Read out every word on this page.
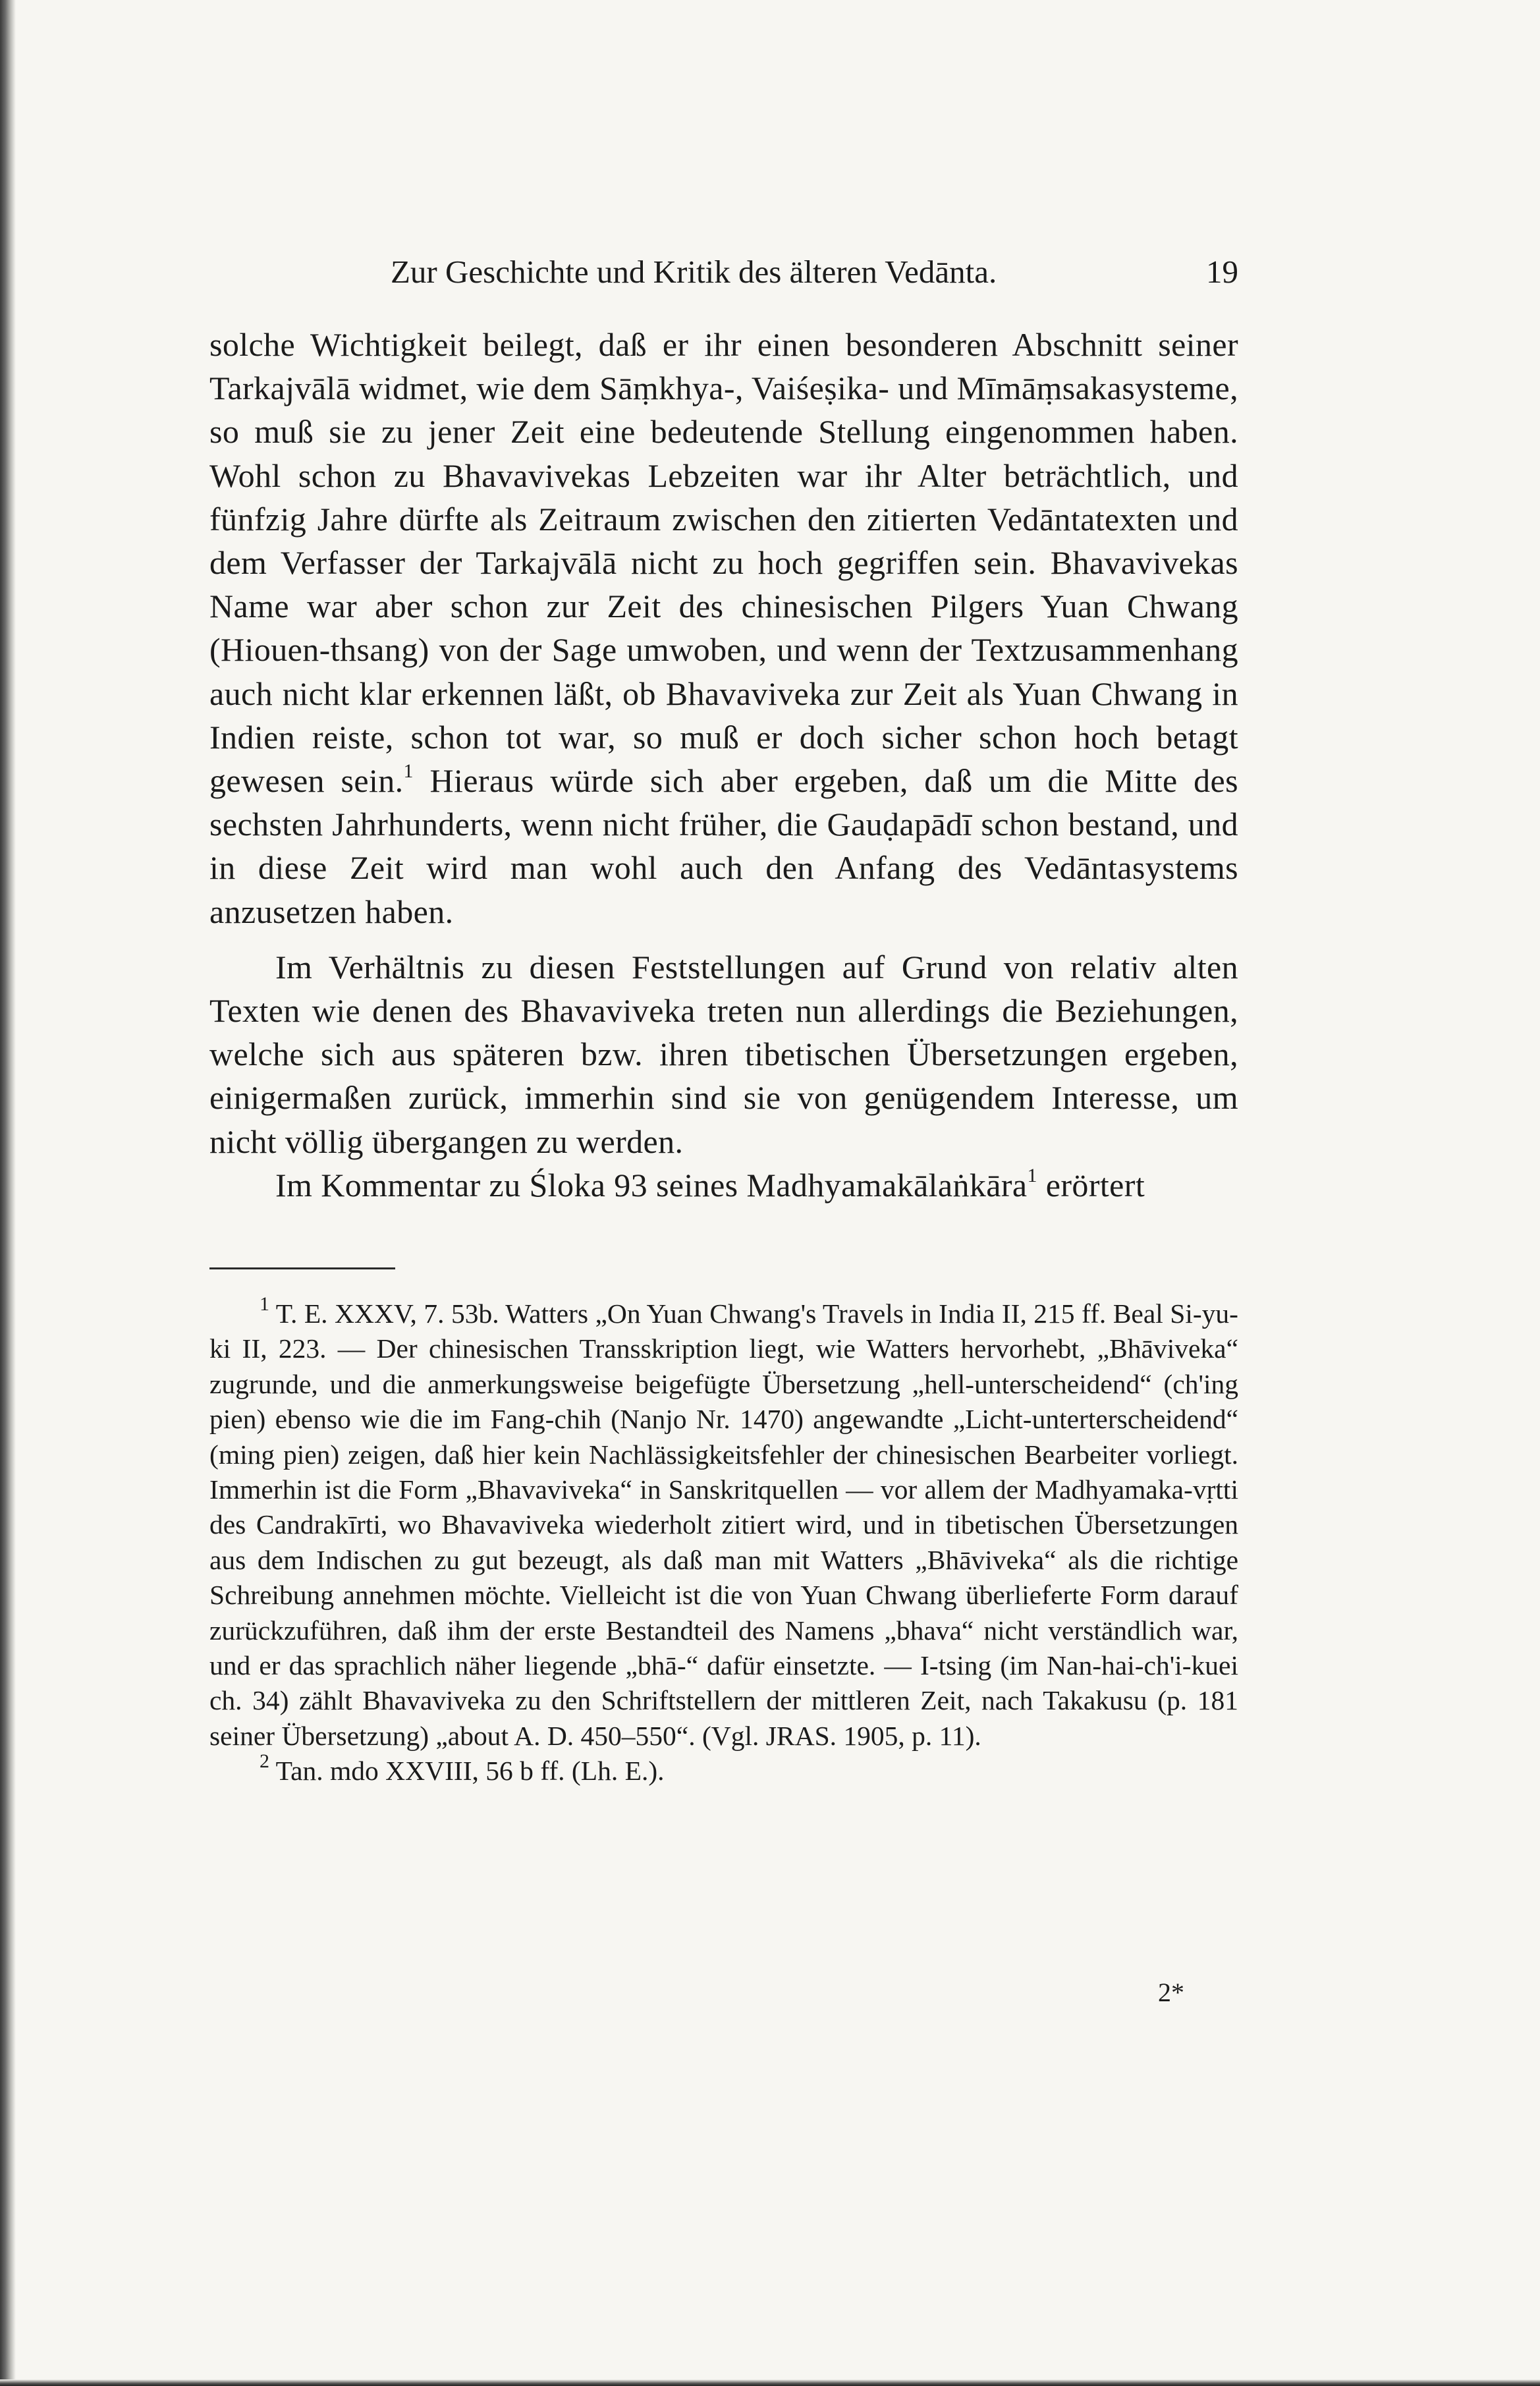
Zur Geschichte und Kritik des älteren Vedānta.	19

solche Wichtigkeit beilegt, daß er ihr einen besonderen Abschnitt seiner Tarkajvālā widmet, wie dem Sāṃkhya-, Vaiśeṣika- und Mīmāṃsakasysteme, so muß sie zu jener Zeit eine bedeutende Stellung eingenommen haben. Wohl schon zu Bhavavivekas Lebzeiten war ihr Alter beträchtlich, und fünfzig Jahre dürfte als Zeitraum zwischen den zitierten Vedāntatexten und dem Verfasser der Tarkajvālā nicht zu hoch gegriffen sein. Bhavavivekas Name war aber schon zur Zeit des chinesischen Pilgers Yuan Chwang (Hiouen-thsang) von der Sage umwoben, und wenn der Textzusammenhang auch nicht klar erkennen läßt, ob Bhavaviveka zur Zeit als Yuan Chwang in Indien reiste, schon tot war, so muß er doch sicher schon hoch betagt gewesen sein.$^1$ Hieraus würde sich aber ergeben, daß um die Mitte des sechsten Jahrhunderts, wenn nicht früher, die Gauḍapādī schon bestand, und in diese Zeit wird man wohl auch den Anfang des Vedāntasystems anzusetzen haben.

Im Verhältnis zu diesen Feststellungen auf Grund von relativ alten Texten wie denen des Bhavaviveka treten nun allerdings die Beziehungen, welche sich aus späteren bzw. ihren tibetischen Übersetzungen ergeben, einigermaßen zurück, immerhin sind sie von genügendem Interesse, um nicht völlig übergangen zu werden.

Im Kommentar zu Śloka 93 seines Madhyamakālaṅkāra$^1$ erörtert

$^1$ T. E. XXXV, 7. 53b. Watters „On Yuan Chwang's Travels in India II, 215 ff. Beal Si-yu-ki II, 223. — Der chinesischen Transskription liegt, wie Watters hervorhebt, „Bhāviveka“ zugrunde, und die anmerkungsweise beigefügte Übersetzung „hell-unterscheidend“ (ch'ing pien) ebenso wie die im Fang-chih (Nanjo Nr. 1470) angewandte „Licht-unterterscheidend“ (ming pien) zeigen, daß hier kein Nachlässigkeitsfehler der chinesischen Bearbeiter vorliegt. Immerhin ist die Form „Bhavaviveka“ in Sanskritquellen — vor allem der Madhyamaka-vṛtti des Candrakīrti, wo Bhavaviveka wiederholt zitiert wird, und in tibetischen Übersetzungen aus dem Indischen zu gut bezeugt, als daß man mit Watters „Bhāviveka“ als die richtige Schreibung annehmen möchte. Vielleicht ist die von Yuan Chwang überlieferte Form darauf zurückzuführen, daß ihm der erste Bestandteil des Namens „bhava“ nicht verständlich war, und er das sprachlich näher liegende „bhā-“ dafür einsetzte. — I-tsing (im Nan-hai-ch'i-kuei ch. 34) zählt Bhavaviveka zu den Schriftstellern der mittleren Zeit, nach Takakusu (p. 181 seiner Übersetzung) „about A. D. 450–550“. (Vgl. JRAS. 1905, p. 11).

$^2$ Tan. mdo XXVIII, 56 b ff. (Lh. E.).

2*
